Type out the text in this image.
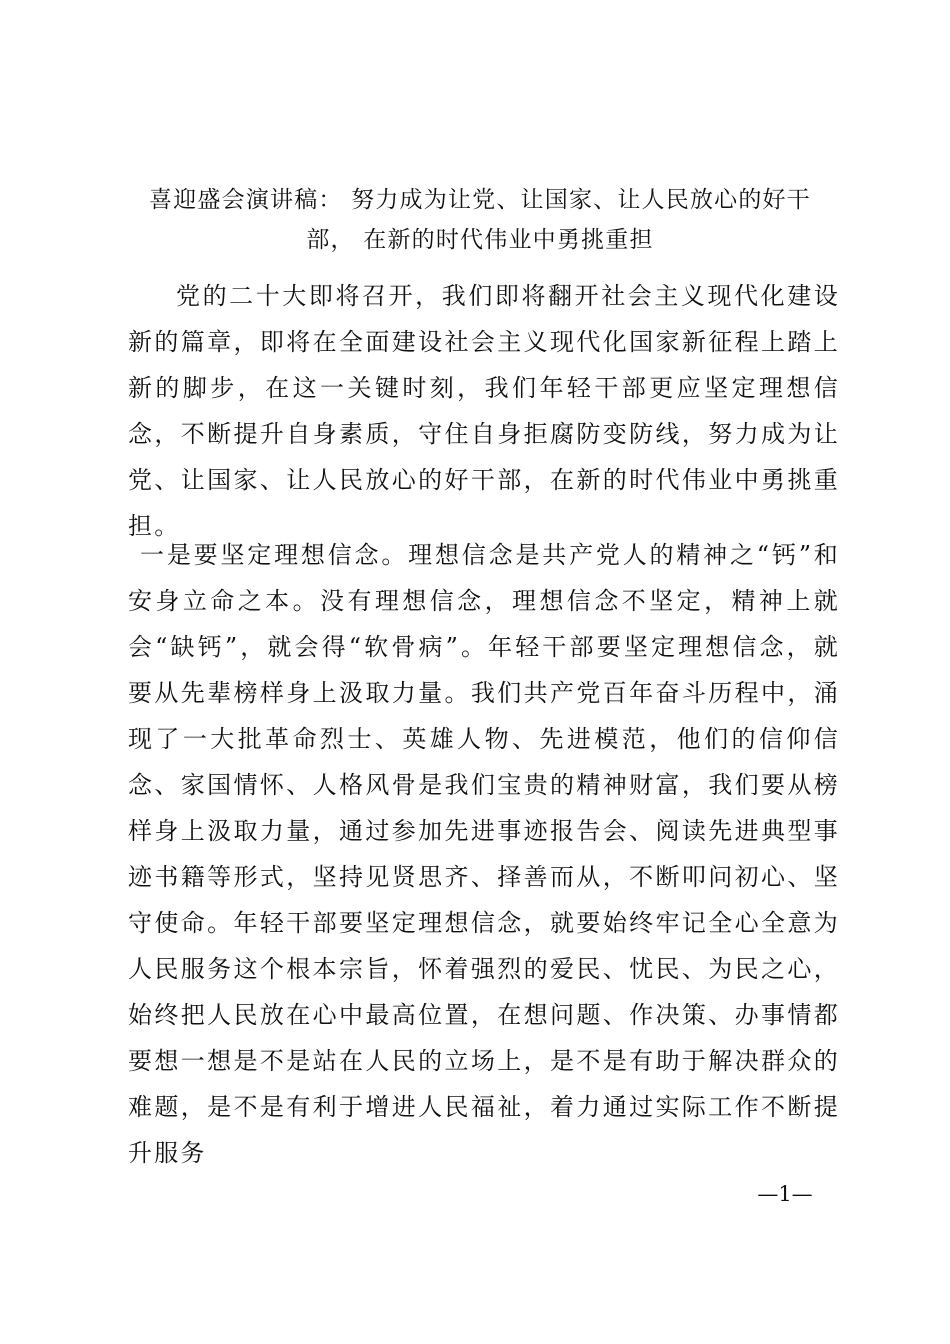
喜迎盛会演讲稿： 努力成为让党、让国家、让人民放心的好干
部， 在新的时代伟业中勇挑重担

党的二十大即将召开，我们即将翻开社会主义现代化建设新的篇章，即将在全面建设社会主义现代化国家新征程上踏上新的脚步，在这一关键时刻，我们年轻干部更应坚定理想信念，不断提升自身素质，守住自身拒腐防变防线，努力成为让党、让国家、让人民放心的好干部，在新的时代伟业中勇挑重担。

一是要坚定理想信念。理想信念是共产党人的精神之“钙”和安身立命之本。没有理想信念，理想信念不坚定，精神上就会“缺钙”，就会得“软骨病”。年轻干部要坚定理想信念，就要从先辈榜样身上汲取力量。我们共产党百年奋斗历程中，涌现了一大批革命烈士、英雄人物、先进模范，他们的信仰信念、家国情怀、人格风骨是我们宝贵的精神财富，我们要从榜样身上汲取力量，通过参加先进事迹报告会、阅读先进典型事迹书籍等形式，坚持见贤思齐、择善而从，不断叩问初心、坚守使命。年轻干部要坚定理想信念，就要始终牢记全心全意为人民服务这个根本宗旨，怀着强烈的爱民、忧民、为民之心，始终把人民放在心中最高位置，在想问题、作决策、办事情都要想一想是不是站在人民的立场上，是不是有助于解决群众的难题，是不是有利于增进人民福祉，着力通过实际工作不断提升服务

—1—
